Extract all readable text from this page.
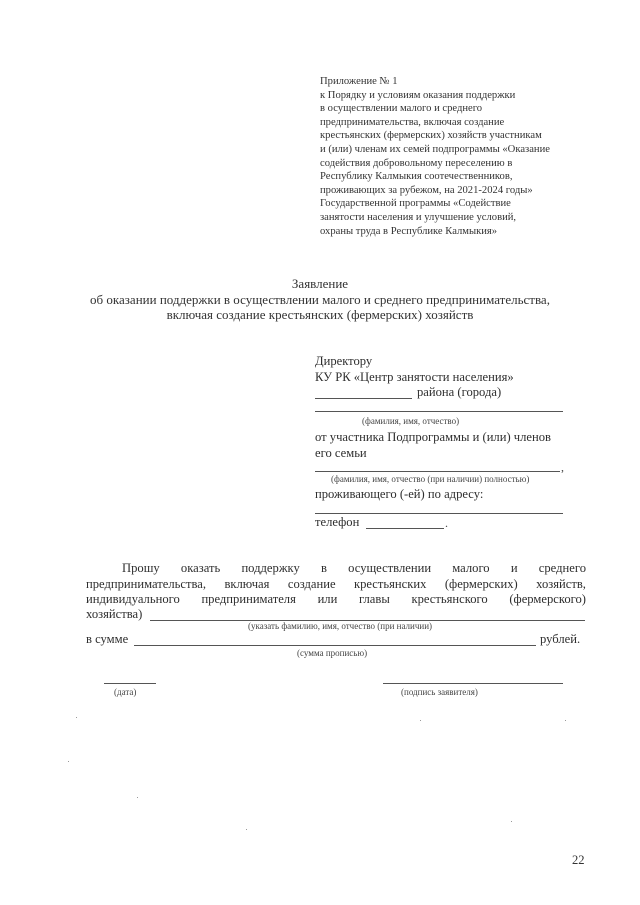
Приложение № 1
к Порядку и условиям оказания поддержки
в осуществлении малого и среднего
предпринимательства, включая создание
крестьянских (фермерских) хозяйств участникам
и (или) членам их семей подпрограммы «Оказание
содействия добровольному переселению в
Республику Калмыкия соотечественников,
проживающих за рубежом, на 2021-2024 годы»
Государственной программы «Содействие
занятости населения и улучшение условий,
охраны труда в Республике Калмыкия»
Заявление
об оказании поддержки в осуществлении малого и среднего предпринимательства,
включая создание крестьянских (фермерских) хозяйств
Директору
КУ РК «Центр занятости населения»
района (города)
(фамилия, имя, отчество)
от участника Подпрограммы и (или) членов
его семьи
,
(фамилия, имя, отчество (при наличии) полностью)
проживающего (-ей) по адресу:
телефон	.
Прошу оказать поддержку в осуществлении малого и среднего
предпринимательства, включая создание крестьянских (фермерских) хозяйств,
индивидуального предпринимателя или главы крестьянского (фермерского)
хозяйства)
(указать фамилию, имя, отчество (при наличии)
в сумме	рублей.
(сумма прописью)
(дата)	(подпись заявителя)
22
